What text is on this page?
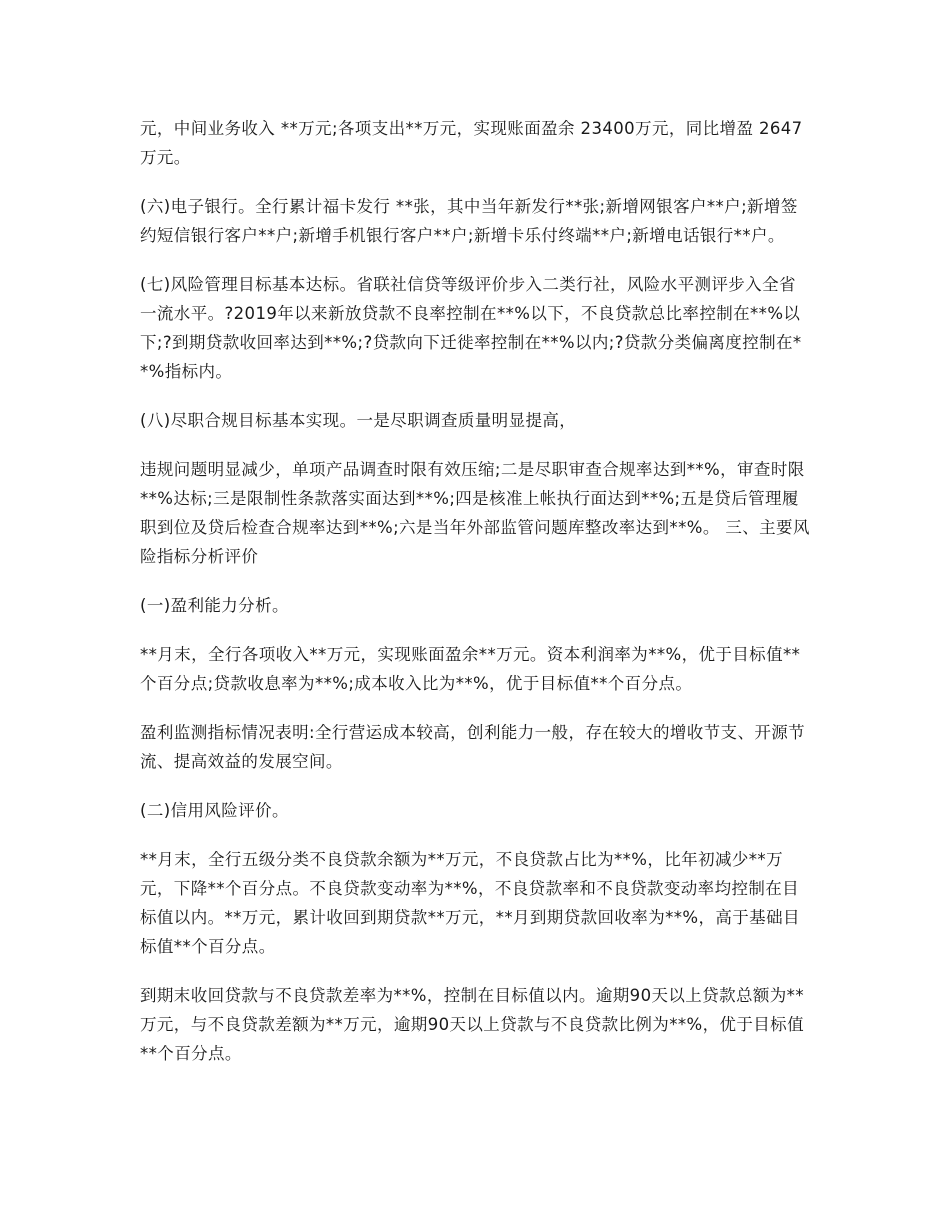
元，中间业务收入 **万元;各项支出**万元，实现账面盈余 23400万元，同比增盈 2647万元。

(六)电子银行。全行累计福卡发行 **张，其中当年新发行**张;新增网银客户**户;新增签约短信银行客户**户;新增手机银行客户**户;新增卡乐付终端**户;新增电话银行**户。

(七)风险管理目标基本达标。省联社信贷等级评价步入二类行社，风险水平测评步入全省一流水平。?2019年以来新放贷款不良率控制在**%以下，不良贷款总比率控制在**%以下;?到期贷款收回率达到**%;?贷款向下迁徙率控制在**%以内;?贷款分类偏离度控制在**%指标内。

(八)尽职合规目标基本实现。一是尽职调查质量明显提高，

违规问题明显减少，单项产品调查时限有效压缩;二是尽职审查合规率达到**%，审查时限**%达标;三是限制性条款落实面达到**%;四是核准上帐执行面达到**%;五是贷后管理履职到位及贷后检查合规率达到**%;六是当年外部监管问题库整改率达到**%。 三、主要风险指标分析评价

(一)盈利能力分析。

**月末，全行各项收入**万元，实现账面盈余**万元。资本利润率为**%，优于目标值**个百分点;贷款收息率为**%;成本收入比为**%，优于目标值**个百分点。

盈利监测指标情况表明:全行营运成本较高，创利能力一般，存在较大的增收节支、开源节流、提高效益的发展空间。

(二)信用风险评价。

**月末，全行五级分类不良贷款余额为**万元，不良贷款占比为**%，比年初减少**万元，下降**个百分点。不良贷款变动率为**%，不良贷款率和不良贷款变动率均控制在目标值以内。**万元，累计收回到期贷款**万元，**月到期贷款回收率为**%，高于基础目标值**个百分点。

到期末收回贷款与不良贷款差率为**%，控制在目标值以内。逾期90天以上贷款总额为**万元，与不良贷款差额为**万元，逾期90天以上贷款与不良贷款比例为**%，优于目标值**个百分点。
